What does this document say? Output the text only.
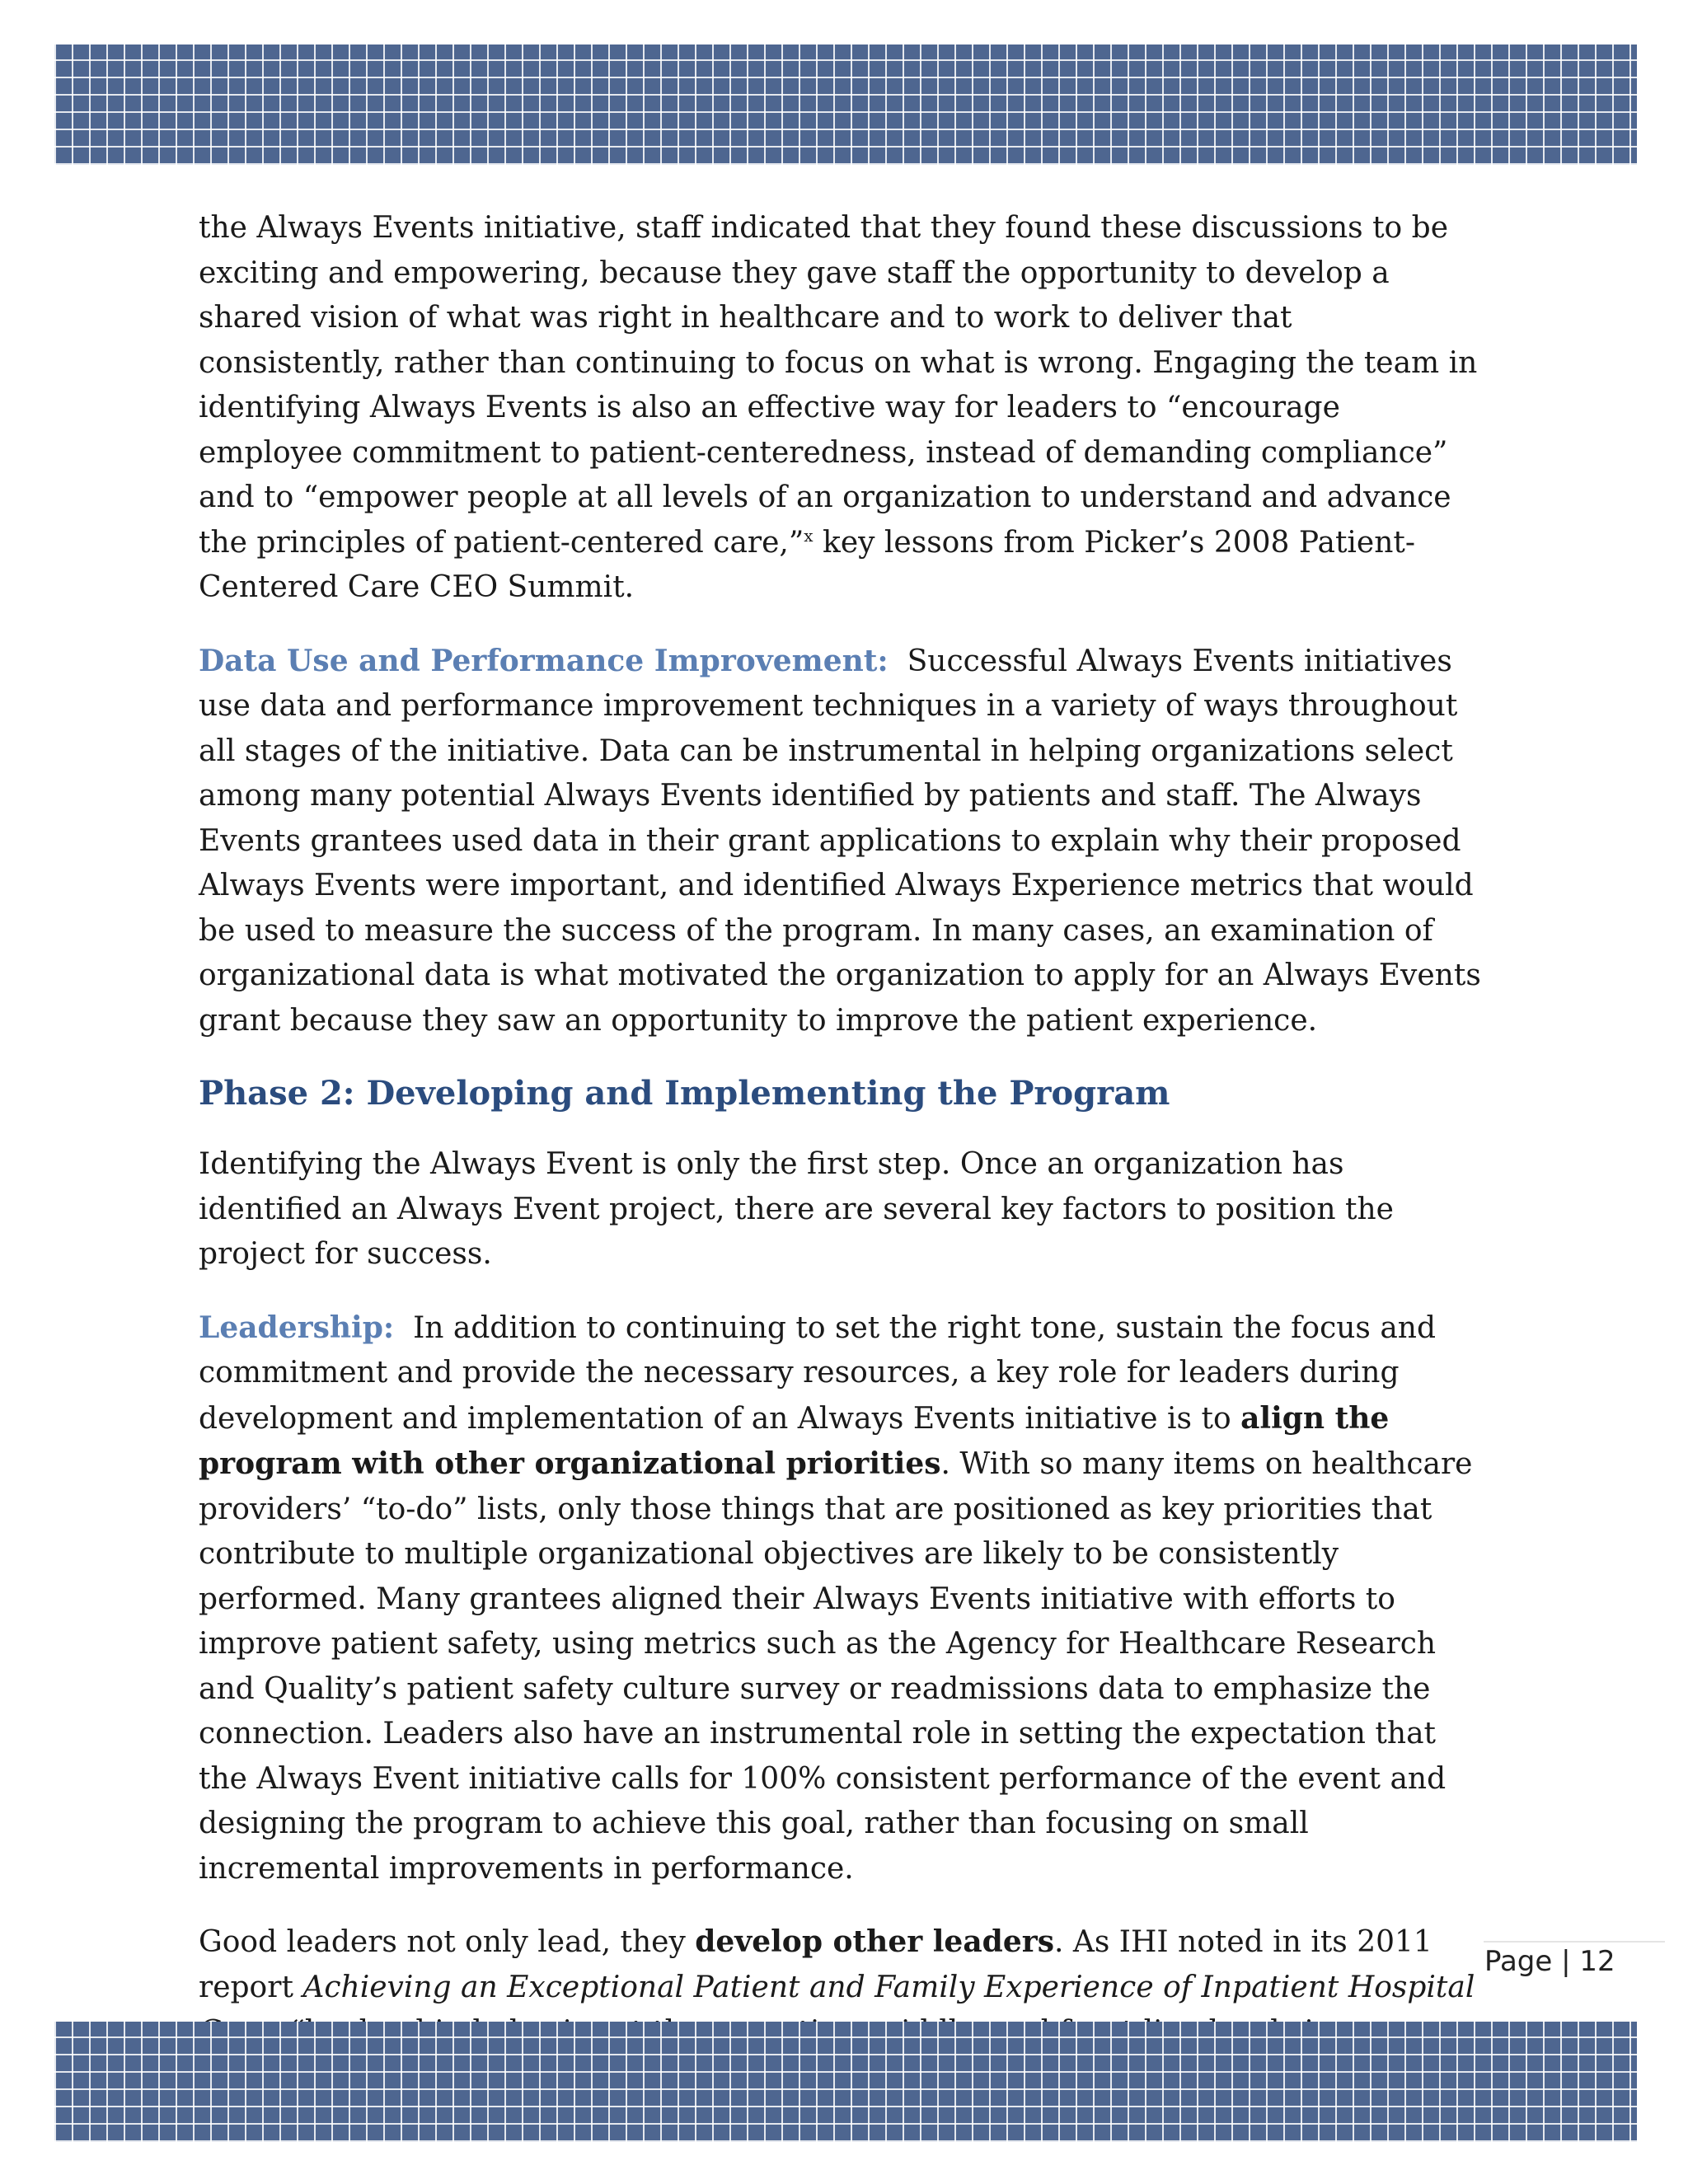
the Always Events initiative, staff indicated that they found these discussions to be exciting and empowering, because they gave staff the opportunity to develop a shared vision of what was right in healthcare and to work to deliver that consistently, rather than continuing to focus on what is wrong. Engaging the team in identifying Always Events is also an effective way for leaders to “encourage employee commitment to patient-centeredness, instead of demanding compliance” and to “empower people at all levels of an organization to understand and advance the principles of patient-centered care,”$^x$ key lessons from Picker’s 2008 Patient-Centered Care CEO Summit.

Data Use and Performance Improvement: Successful Always Events initiatives use data and performance improvement techniques in a variety of ways throughout all stages of the initiative. Data can be instrumental in helping organizations select among many potential Always Events identified by patients and staff. The Always Events grantees used data in their grant applications to explain why their proposed Always Events were important, and identified Always Experience metrics that would be used to measure the success of the program. In many cases, an examination of organizational data is what motivated the organization to apply for an Always Events grant because they saw an opportunity to improve the patient experience.

Phase 2: Developing and Implementing the Program

Identifying the Always Event is only the first step. Once an organization has identified an Always Event project, there are several key factors to position the project for success.

Leadership: In addition to continuing to set the right tone, sustain the focus and commitment and provide the necessary resources, a key role for leaders during development and implementation of an Always Events initiative is to align the program with other organizational priorities. With so many items on healthcare providers’ “to-do” lists, only those things that are positioned as key priorities that contribute to multiple organizational objectives are likely to be consistently performed. Many grantees aligned their Always Events initiative with efforts to improve patient safety, using metrics such as the Agency for Healthcare Research and Quality’s patient safety culture survey or readmissions data to emphasize the connection. Leaders also have an instrumental role in setting the expectation that the Always Event initiative calls for 100% consistent performance of the event and designing the program to achieve this goal, rather than focusing on small incremental improvements in performance.

Good leaders not only lead, they develop other leaders. As IHI noted in its 2011 report Achieving an Exceptional Patient and Family Experience of Inpatient Hospital

Page | 12
